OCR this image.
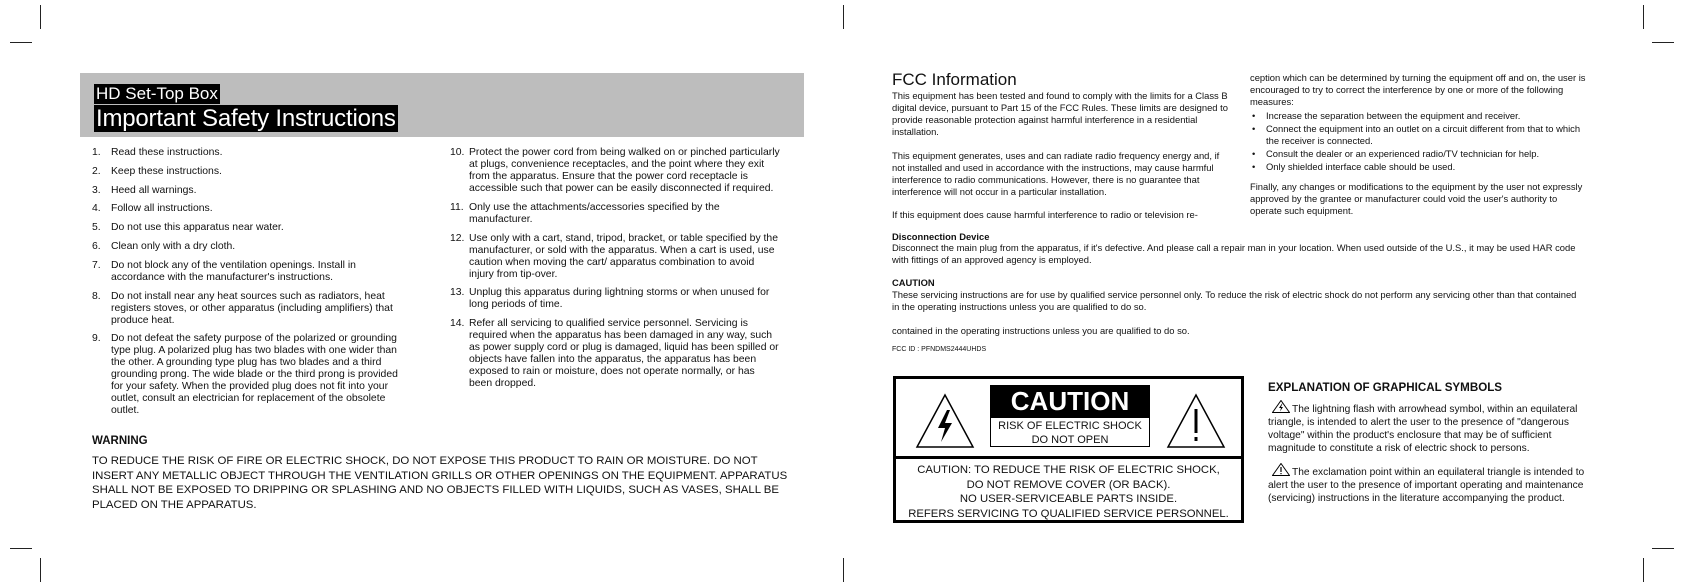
HD Set-Top Box
Important Safety Instructions
1. Read these instructions.
2. Keep these instructions.
3. Heed all warnings.
4. Follow all instructions.
5. Do not use this apparatus near water.
6. Clean only with a dry cloth.
7. Do not block any of the ventilation openings. Install in accordance with the manufacturer's instructions.
8. Do not install near any heat sources such as radiators, heat registers stoves, or other apparatus (including amplifiers) that produce heat.
9. Do not defeat the safety purpose of the polarized or grounding type plug. A polarized plug has two blades with one wider than the other. A grounding type plug has two blades and a third grounding prong. The wide blade or the third prong is provided for your safety. When the provided plug does not fit into your outlet, consult an electrician for replacement of the obsolete outlet.
10. Protect the power cord from being walked on or pinched particularly at plugs, convenience receptacles, and the point where they exit from the apparatus. Ensure that the power cord receptacle is accessible such that power can be easily disconnected if required.
11. Only use the attachments/accessories specified by the manufacturer.
12. Use only with a cart, stand, tripod, bracket, or table specified by the manufacturer, or sold with the apparatus. When a cart is used, use caution when moving the cart/ apparatus combination to avoid injury from tip-over.
13. Unplug this apparatus during lightning storms or when unused for long periods of time.
14. Refer all servicing to qualified service personnel. Servicing is required when the apparatus has been damaged in any way, such as power supply cord or plug is damaged, liquid has been spilled or objects have fallen into the apparatus, the apparatus has been exposed to rain or moisture, does not operate normally, or has been dropped.
WARNING
TO REDUCE THE RISK OF FIRE OR ELECTRIC SHOCK, DO NOT EXPOSE THIS PRODUCT TO RAIN OR MOISTURE. DO NOT INSERT ANY METALLIC OBJECT THROUGH THE VENTILATION GRILLS OR OTHER OPENINGS ON THE EQUIPMENT. APPARATUS SHALL NOT BE EXPOSED TO DRIPPING OR SPLASHING AND NO OBJECTS FILLED WITH LIQUIDS, SUCH AS VASES, SHALL BE PLACED ON THE APPARATUS.
FCC Information
This equipment has been tested and found to comply with the limits for a Class B digital device, pursuant to Part 15 of the FCC Rules. These limits are designed to provide reasonable protection against harmful interference in a residential installation.
This equipment generates, uses and can radiate radio frequency energy and, if not installed and used in accordance with the instructions, may cause harmful interference to radio communications. However, there is no guarantee that interference will not occur in a particular installation.
If this equipment does cause harmful interference to radio or television re-
ception which can be determined by turning the equipment off and on, the user is encouraged to try to correct the interference by one or more of the following measures:
• Increase the separation between the equipment and receiver.
• Connect the equipment into an outlet on a circuit different from that to which the receiver is connected.
• Consult the dealer or an experienced radio/TV technician for help.
• Only shielded interface cable should be used.
Finally, any changes or modifications to the equipment by the user not expressly approved by the grantee or manufacturer could void the user's authority to operate such equipment.
Disconnection Device
Disconnect the main plug from the apparatus, if it's defective. And please call a repair man in your location. When used outside of the U.S., it may be used HAR code with fittings of an approved agency is employed.
CAUTION
These servicing instructions are for use by qualified service personnel only. To reduce the risk of electric shock do not perform any servicing other than that contained in the operating instructions unless you are qualified to do so.
contained in the operating instructions unless you are qualified to do so.
FCC ID : PFNDMS2444UHDS
CAUTION
RISK OF ELECTRIC SHOCK DO NOT OPEN
CAUTION: TO REDUCE THE RISK OF ELECTRIC SHOCK,
DO NOT REMOVE COVER (OR BACK).
NO USER-SERVICEABLE PARTS INSIDE.
REFERS SERVICING TO QUALIFIED SERVICE PERSONNEL.
EXPLANATION OF GRAPHICAL SYMBOLS
The lightning flash with arrowhead symbol, within an equilateral triangle, is intended to alert the user to the presence of "dangerous voltage" within the product's enclosure that may be of sufficient magnitude to constitute a risk of electric shock to persons.
The exclamation point within an equilateral triangle is intended to alert the user to the presence of important operating and maintenance (servicing) instructions in the literature accompanying the product.
